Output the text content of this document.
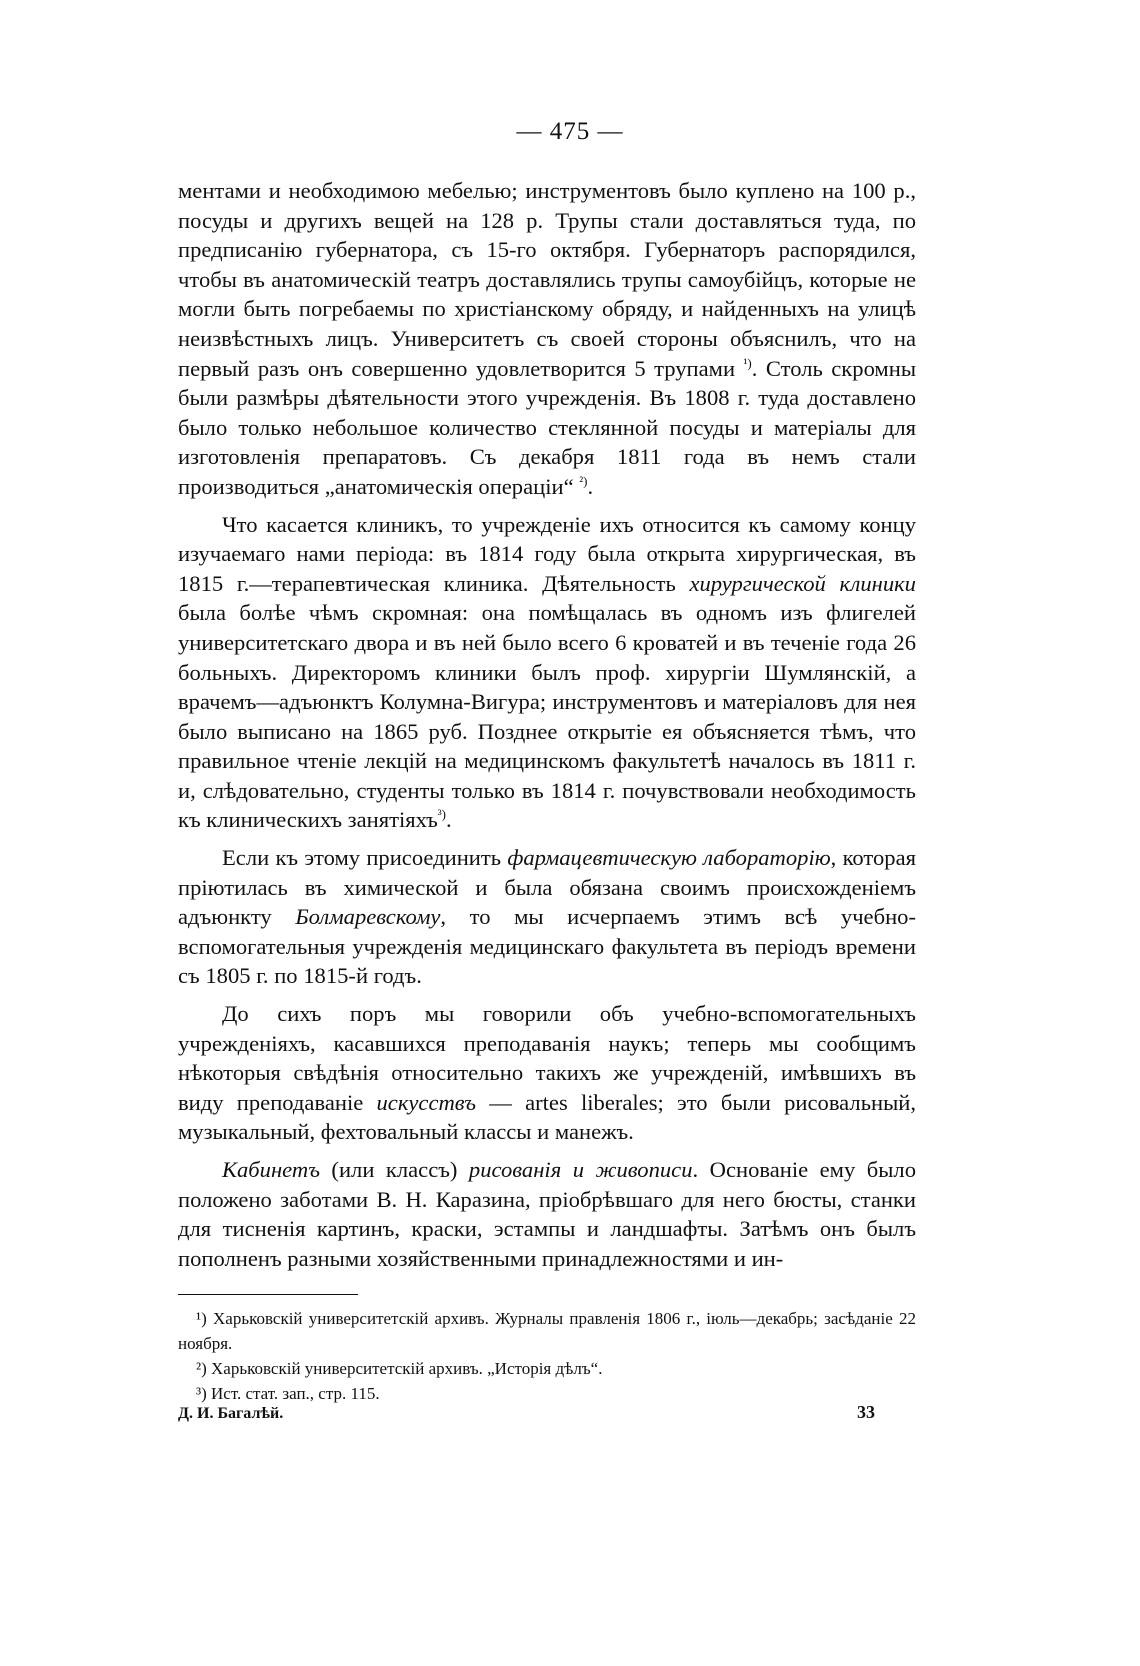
— 475 —

ментами и необходимою мебелью; инструментовъ было куплено на 100 р., посуды и другихъ вещей на 128 р. Трупы стали доставляться туда, по предписанію губернатора, съ 15-го октября. Губернаторъ распорядился, чтобы въ анатомическій театръ доставлялись трупы самоубійцъ, которые не могли быть погребаемы по христіанскому обряду, и найденныхъ на улицѣ неизвѣстныхъ лицъ. Университетъ съ своей стороны объяснилъ, что на первый разъ онъ совершенно удовлетворится 5 трупами $^{^1)}$. Столь скромны были размѣры дѣятельности этого учрежденія. Въ 1808 г. туда доставлено было только небольшое количество стеклянной посуды и матеріалы для изготовленія препаратовъ. Съ декабря 1811 года въ немъ стали производиться „анатомическія операціи“ $^{^2)}$.

Что касается клиникъ, то учрежденіе ихъ относится къ самому концу изучаемаго нами періода: въ 1814 году была открыта хирургическая, въ 1815 г.—терапевтическая клиника. Дѣятельность хирургической клиники была болѣе чѣмъ скромная: она помѣщалась въ одномъ изъ флигелей университетскаго двора и въ ней было всего 6 кроватей и въ теченіе года 26 больныхъ. Директоромъ клиники былъ проф. хирургіи Шумлянскій, а врачемъ—адъюнктъ Колумна-Вигура; инструментовъ и матеріаловъ для нея было выписано на 1865 руб. Позднее открытіе ея объясняется тѣмъ, что правильное чтеніе лекцій на медицинскомъ факультетѣ началось въ 1811 г. и, слѣдовательно, студенты только въ 1814 г. почувствовали необходимость къ клиническихъ занятіяхъ$^{^3)}$.

Если къ этому присоединить фармацевтическую лабораторію, которая пріютилась въ химической и была обязана своимъ происхожденіемъ адъюнкту Болмаревскому, то мы исчерпаемъ этимъ всѣ учебно-вспомогательныя учрежденія медицинскаго факультета въ періодъ времени съ 1805 г. по 1815-й годъ.

До сихъ поръ мы говорили объ учебно-вспомогательныхъ учрежденіяхъ, касавшихся преподаванія наукъ; теперь мы сообщимъ нѣкоторыя свѣдѣнія относительно такихъ же учрежденій, имѣвшихъ въ виду преподаваніе искусствъ — artes liberales; это были рисовальный, музыкальный, фехтовальный классы и манежъ.

Кабинетъ (или классъ) рисованія и живописи. Основаніе ему было положено заботами В. Н. Каразина, пріобрѣвшаго для него бюсты, станки для тисненія картинъ, краски, эстампы и ландшафты. Затѣмъ онъ былъ пополненъ разными хозяйственными принадлежностями и ин-

¹) Харьковскій университетскій архивъ. Журналы правленія 1806 г., іюль—декабрь; засѣданіе 22 ноября.

²) Харьковскій университетскій архивъ. „Исторія дѣлъ“.

³) Ист. стат. зап., стр. 115.

Д. И. Багалѣй.	33
